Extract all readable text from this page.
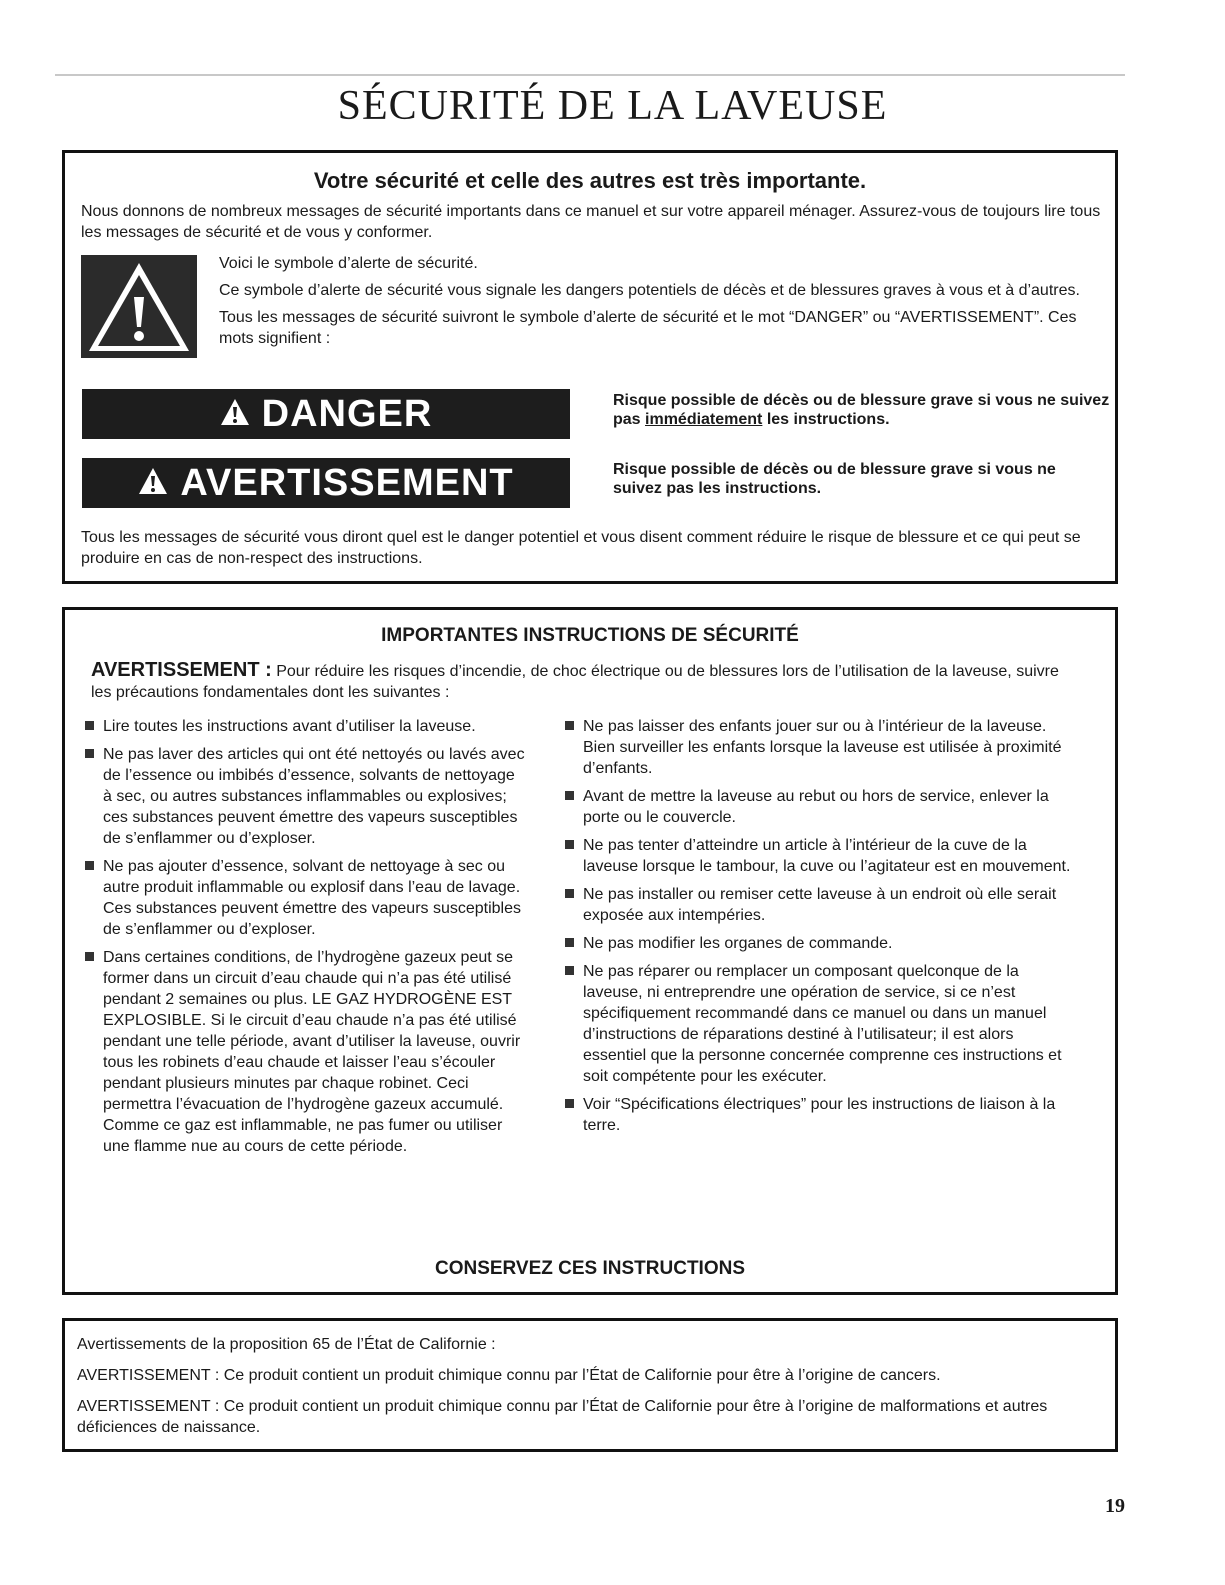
SÉCURITÉ DE LA LAVEUSE
Votre sécurité et celle des autres est très importante.
Nous donnons de nombreux messages de sécurité importants dans ce manuel et sur votre appareil ménager. Assurez-vous de toujours lire tous les messages de sécurité et de vous y conformer.

Voici le symbole d’alerte de sécurité.

Ce symbole d’alerte de sécurité vous signale les dangers potentiels de décès et de blessures graves à vous et à d’autres.

Tous les messages de sécurité suivront le symbole d’alerte de sécurité et le mot “DANGER” ou “AVERTISSEMENT”. Ces mots signifient :

DANGER	Risque possible de décès ou de blessure grave si vous ne suivez pas immédiatement les instructions.
AVERTISSEMENT	Risque possible de décès ou de blessure grave si vous ne suivez pas les instructions.
Tous les messages de sécurité vous diront quel est le danger potentiel et vous disent comment réduire le risque de blessure et ce qui peut se produire en cas de non-respect des instructions.
IMPORTANTES INSTRUCTIONS DE SÉCURITÉ
AVERTISSEMENT : Pour réduire les risques d’incendie, de choc électrique ou de blessures lors de l’utilisation de la laveuse, suivre les précautions fondamentales dont les suivantes :
Lire toutes les instructions avant d’utiliser la laveuse.
Ne pas laver des articles qui ont été nettoyés ou lavés avec de l’essence ou imbibés d’essence, solvants de nettoyage à sec, ou autres substances inflammables ou explosives; ces substances peuvent émettre des vapeurs susceptibles de s’enflammer ou d’exploser.
Ne pas ajouter d’essence, solvant de nettoyage à sec ou autre produit inflammable ou explosif dans l’eau de lavage. Ces substances peuvent émettre des vapeurs susceptibles de s’enflammer ou d’exploser.
Dans certaines conditions, de l’hydrogène gazeux peut se former dans un circuit d’eau chaude qui n’a pas été utilisé pendant 2 semaines ou plus. LE GAZ HYDROGÈNE EST EXPLOSIBLE. Si le circuit d’eau chaude n’a pas été utilisé pendant une telle période, avant d’utiliser la laveuse, ouvrir tous les robinets d’eau chaude et laisser l’eau s’écouler pendant plusieurs minutes par chaque robinet. Ceci permettra l’évacuation de l’hydrogène gazeux accumulé. Comme ce gaz est inflammable, ne pas fumer ou utiliser une flamme nue au cours de cette période.
Ne pas laisser des enfants jouer sur ou à l’intérieur de la laveuse. Bien surveiller les enfants lorsque la laveuse est utilisée à proximité d’enfants.
Avant de mettre la laveuse au rebut ou hors de service, enlever la porte ou le couvercle.
Ne pas tenter d’atteindre un article à l’intérieur de la cuve de la laveuse lorsque le tambour, la cuve ou l’agitateur est en mouvement.
Ne pas installer ou remiser cette laveuse à un endroit où elle serait exposée aux intempéries.
Ne pas modifier les organes de commande.
Ne pas réparer ou remplacer un composant quelconque de la laveuse, ni entreprendre une opération de service, si ce n’est spécifiquement recommandé dans ce manuel ou dans un manuel d’instructions de réparations destiné à l’utilisateur; il est alors essentiel que la personne concernée comprenne ces instructions et soit compétente pour les exécuter.
Voir “Spécifications électriques” pour les instructions de liaison à la terre.
CONSERVEZ CES INSTRUCTIONS

Avertissements de la proposition 65 de l’État de Californie :

AVERTISSEMENT : Ce produit contient un produit chimique connu par l’État de Californie pour être à l’origine de cancers.

AVERTISSEMENT : Ce produit contient un produit chimique connu par l’État de Californie pour être à l’origine de malformations et autres déficiences de naissance.

19
